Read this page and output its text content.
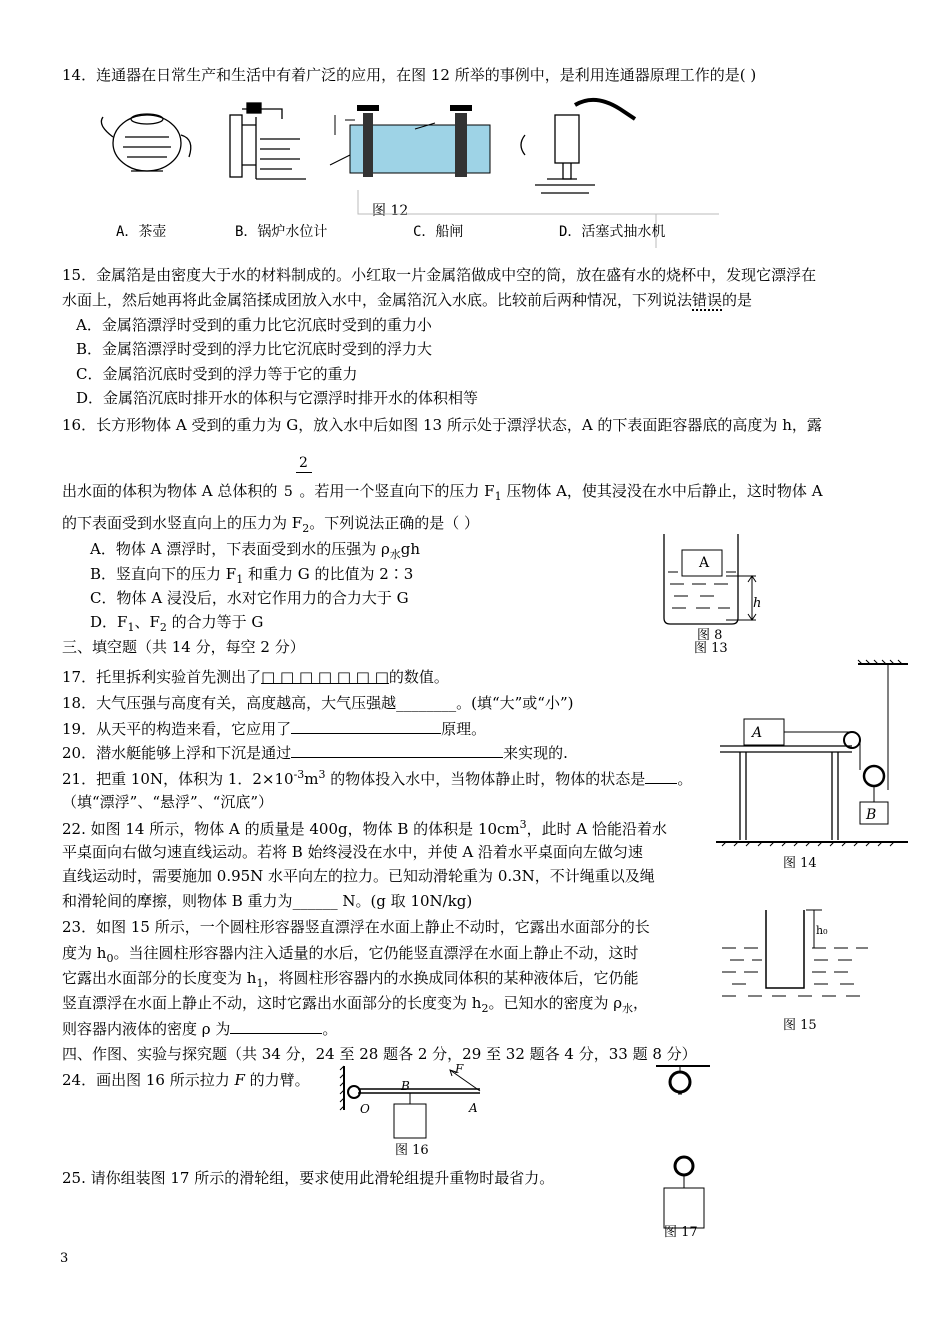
14．连通器在日常生产和生活中有着广泛的应用，在图 12 所举的事例中，是利用连通器原理工作的是( )
图 12
A．茶壶	B．锅炉水位计	C．船闸	D．活塞式抽水机
15．金属箔是由密度大于水的材料制成的。小红取一片金属箔做成中空的筒，放在盛有水的烧杯中，发现它漂浮在
水面上，然后她再将此金属箔揉成团放入水中，金属箔沉入水底。比较前后两种情况，下列说法错误的是
A．金属箔漂浮时受到的重力比它沉底时受到的重力小
B．金属箔漂浮时受到的浮力比它沉底时受到的浮力大
C．金属箔沉底时受到的浮力等于它的重力
D．金属箔沉底时排开水的体积与它漂浮时排开水的体积相等
16．长方形物体 A 受到的重力为 G，放入水中后如图 13 所示处于漂浮状态，A 的下表面距容器底的高度为 h，露
2
出水面的体积为物体 A 总体积的 5 。若用一个竖直向下的压力 $F_1$ 压物体 A，使其浸没在水中后静止，这时物体 A
的下表面受到水竖直向上的压力为 $F_2$。下列说法正确的是（ ）
A．物体 A 漂浮时，下表面受到水的压强为 $\rho_水gh$
B．竖直向下的压力 $F_1$ 和重力 G 的比值为 2∶3
C．物体 A 浸没后，水对它作用力的合力大于 G
D．$F_1$、$F_2$ 的合力等于 G
A
h
图 8
图 13
三、填空题（共 14 分，每空 2 分）
17．托里拆利实验首先测出了□ □ □ □ □ □ □的数值。
18．大气压强与高度有关，高度越高，大气压强越________。(填“大”或“小”)
19．从天平的构造来看，它应用了	原理。
20．潜水艇能够上浮和下沉是通过	来实现的.
21．把重 10N，体积为 1．$2\times 10^{-3}m^3$ 的物体投入水中，当物体静止时，物体的状态是 。
（填“漂浮”、“悬浮”、“沉底”）
22. 如图 14 所示，物体 A 的质量是 400g，物体 B 的体积是 $10cm^3$，此时 A 恰能沿着水
平桌面向右做匀速直线运动。若将 B 始终浸没在水中，并使 A 沿着水平桌面向左做匀速
直线运动时，需要施加 0.95N 水平向左的拉力。已知动滑轮重为 0.3N，不计绳重以及绳
和滑轮间的摩擦，则物体 B 重力为______ N。(g 取 10N/kg)
A
B
图 14
23．如图 15 所示，一个圆柱形容器竖直漂浮在水面上静止不动时，它露出水面部分的长
度为 $h_0$。当往圆柱形容器内注入适量的水后，它仍能竖直漂浮在水面上静止不动，这时
它露出水面部分的长度变为 $h_1$，将圆柱形容器内的水换成同体积的某种液体后，它仍能
竖直漂浮在水面上静止不动，这时它露出水面部分的长度变为 $h_2$。已知水的密度为 $\rho_水$，
则容器内液体的密度 ρ 为	。
h₀
图 15
四、作图、实验与探究题（共 34 分，24 至 28 题各 2 分，29 至 32 题各 4 分，33 题 8 分）
24．画出图 16 所示拉力 F 的力臂。
O
B
A
F
图 16
图 17
25. 请你组装图 17 所示的滑轮组，要求使用此滑轮组提升重物时最省力。
3
